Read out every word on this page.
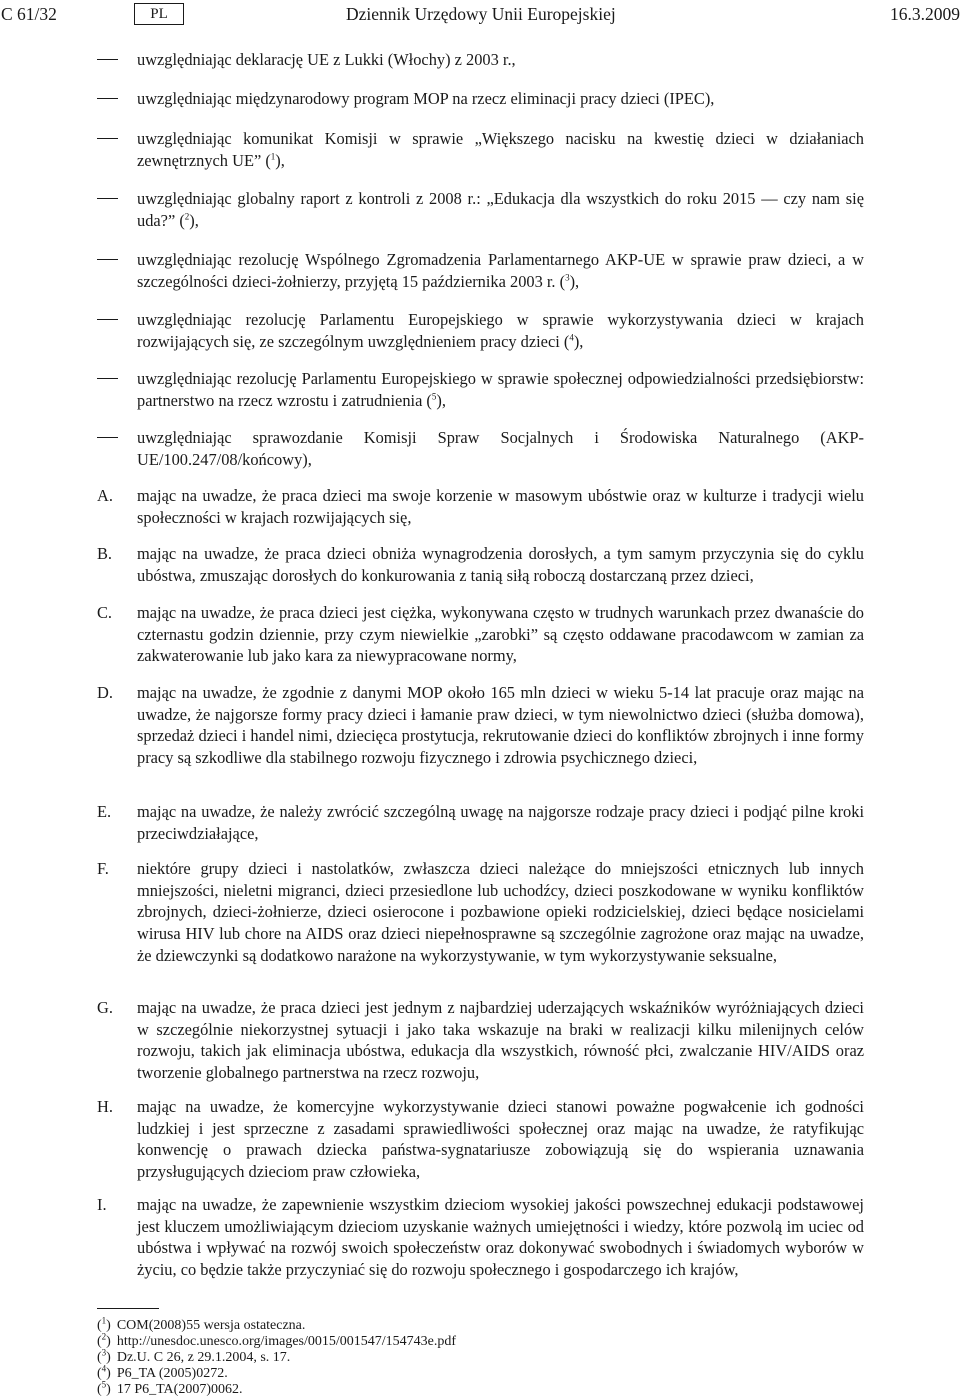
C 61/32	PL	Dziennik Urzędowy Unii Europejskiej	16.3.2009
uwzględniając deklarację UE z Lukki (Włochy) z 2003 r.,
uwzględniając międzynarodowy program MOP na rzecz eliminacji pracy dzieci (IPEC),
uwzględniając komunikat Komisji w sprawie „Większego nacisku na kwestię dzieci w działaniach zewnętrznych UE” ($^1$),
uwzględniając globalny raport z kontroli z 2008 r.: „Edukacja dla wszystkich do roku 2015 — czy nam się uda?” ($^2$),
uwzględniając rezolucję Wspólnego Zgromadzenia Parlamentarnego AKP-UE w sprawie praw dzieci, a w szczególności dzieci-żołnierzy, przyjętą 15 października 2003 r. ($^3$),
uwzględniając rezolucję Parlamentu Europejskiego w sprawie wykorzystywania dzieci w krajach rozwijających się, ze szczególnym uwzględnieniem pracy dzieci ($^4$),
uwzględniając rezolucję Parlamentu Europejskiego w sprawie społecznej odpowiedzialności przedsiębiorstw: partnerstwo na rzecz wzrostu i zatrudnienia ($^5$),
uwzględniając sprawozdanie Komisji Spraw Socjalnych i Środowiska Naturalnego (AKP-UE/100.247/08/końcowy),
A. mając na uwadze, że praca dzieci ma swoje korzenie w masowym ubóstwie oraz w kulturze i tradycji wielu społeczności w krajach rozwijających się,
B. mając na uwadze, że praca dzieci obniża wynagrodzenia dorosłych, a tym samym przyczynia się do cyklu ubóstwa, zmuszając dorosłych do konkurowania z tanią siłą roboczą dostarczaną przez dzieci,
C. mając na uwadze, że praca dzieci jest ciężka, wykonywana często w trudnych warunkach przez dwanaście do czternastu godzin dziennie, przy czym niewielkie „zarobki” są często oddawane pracodawcom w zamian za zakwaterowanie lub jako kara za niewypracowane normy,
D. mając na uwadze, że zgodnie z danymi MOP około 165 mln dzieci w wieku 5-14 lat pracuje oraz mając na uwadze, że najgorsze formy pracy dzieci i łamanie praw dzieci, w tym niewolnictwo dzieci (służba domowa), sprzedaż dzieci i handel nimi, dziecięca prostytucja, rekrutowanie dzieci do konfliktów zbrojnych i inne formy pracy są szkodliwe dla stabilnego rozwoju fizycznego i zdrowia psychicznego dzieci,
E. mając na uwadze, że należy zwrócić szczególną uwagę na najgorsze rodzaje pracy dzieci i podjąć pilne kroki przeciwdziałające,
F. niektóre grupy dzieci i nastolatków, zwłaszcza dzieci należące do mniejszości etnicznych lub innych mniejszości, nieletni migranci, dzieci przesiedlone lub uchodźcy, dzieci poszkodowane w wyniku konfliktów zbrojnych, dzieci-żołnierze, dzieci osierocone i pozbawione opieki rodzicielskiej, dzieci będące nosicielami wirusa HIV lub chore na AIDS oraz dzieci niepełnosprawne są szczególnie zagrożone oraz mając na uwadze, że dziewczynki są dodatkowo narażone na wykorzystywanie, w tym wykorzystywanie seksualne,
G. mając na uwadze, że praca dzieci jest jednym z najbardziej uderzających wskaźników wyróżniających dzieci w szczególnie niekorzystnej sytuacji i jako taka wskazuje na braki w realizacji kilku milenijnych celów rozwoju, takich jak eliminacja ubóstwa, edukacja dla wszystkich, równość płci, zwalczanie HIV/AIDS oraz tworzenie globalnego partnerstwa na rzecz rozwoju,
H. mając na uwadze, że komercyjne wykorzystywanie dzieci stanowi poważne pogwałcenie ich godności ludzkiej i jest sprzeczne z zasadami sprawiedliwości społecznej oraz mając na uwadze, że ratyfikując konwencję o prawach dziecka państwa-sygnatariusze zobowiązują się do wspierania uznawania przysługujących dzieciom praw człowieka,
I. mając na uwadze, że zapewnienie wszystkim dzieciom wysokiej jakości powszechnej edukacji podstawowej jest kluczem umożliwiającym dzieciom uzyskanie ważnych umiejętności i wiedzy, które pozwolą im uciec od ubóstwa i wpływać na rozwój swoich społeczeństw oraz dokonywać swobodnych i świadomych wyborów w życiu, co będzie także przyczyniać się do rozwoju społecznego i gospodarczego ich krajów,
($^1$) COM(2008)55 wersja ostateczna.
($^2$) http://unesdoc.unesco.org/images/0015/001547/154743e.pdf
($^3$) Dz.U. C 26, z 29.1.2004, s. 17.
($^4$) P6_TA (2005)0272.
($^5$) 17 P6_TA(2007)0062.
